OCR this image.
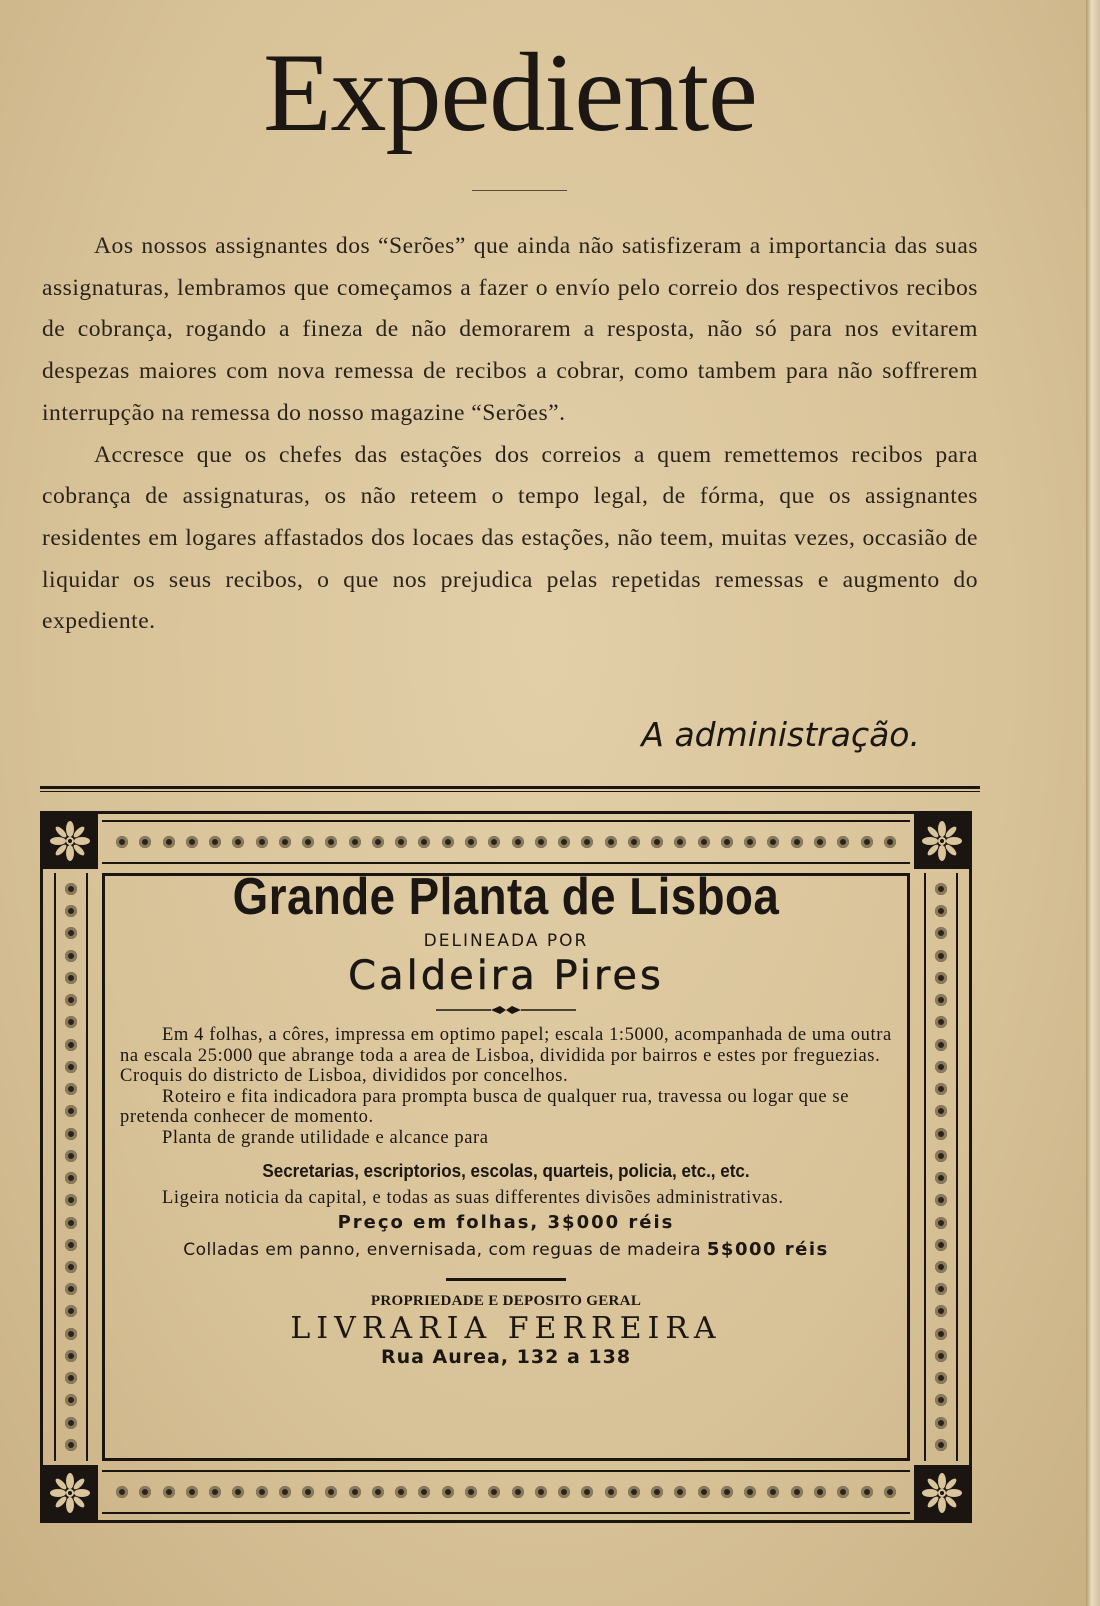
Expediente

Aos nossos assignantes dos “Serões” que ainda não satisfizeram a importancia das suas assignaturas, lembramos que começamos a fazer o envío pelo correio dos respectivos recibos de cobrança, rogando a fineza de não demorarem a resposta, não só para nos evitarem despezas maiores com nova remessa de recibos a cobrar, como tambem para não soffrerem interrupção na remessa do nosso magazine “Serões”.

Accresce que os chefes das estações dos correios a quem remettemos recibos para cobrança de assignaturas, os não reteem o tempo legal, de fórma, que os assignantes residentes em logares affastados dos locaes das estações, não teem, muitas vezes, occasião de liquidar os seus recibos, o que nos prejudica pelas repetidas remessas e augmento do expediente.

A administração.
Grande Planta de Lisboa
DELINEADA POR
Caldeira Pires

Em 4 folhas, a côres, impressa em optimo papel; escala 1:5000, acompanhada de uma outra na escala 25:000 que abrange toda a area de Lisboa, dividida por bairros e estes por freguezias. Croquis do districto de Lisboa, divididos por concelhos.

Roteiro e fita indicadora para prompta busca de qualquer rua, travessa ou logar que se pretenda conhecer de momento.

Planta de grande utilidade e alcance para

Secretarias, escriptorios, escolas, quarteis, policia, etc., etc.

Ligeira noticia da capital, e todas as suas differentes divisões administrativas.

Preço em folhas, 3$000 réis
Colladas em panno, envernisada, com reguas de madeira 5$000 réis
PROPRIEDADE E DEPOSITO GERAL
LIVRARIA FERREIRA
Rua Aurea, 132 a 138
